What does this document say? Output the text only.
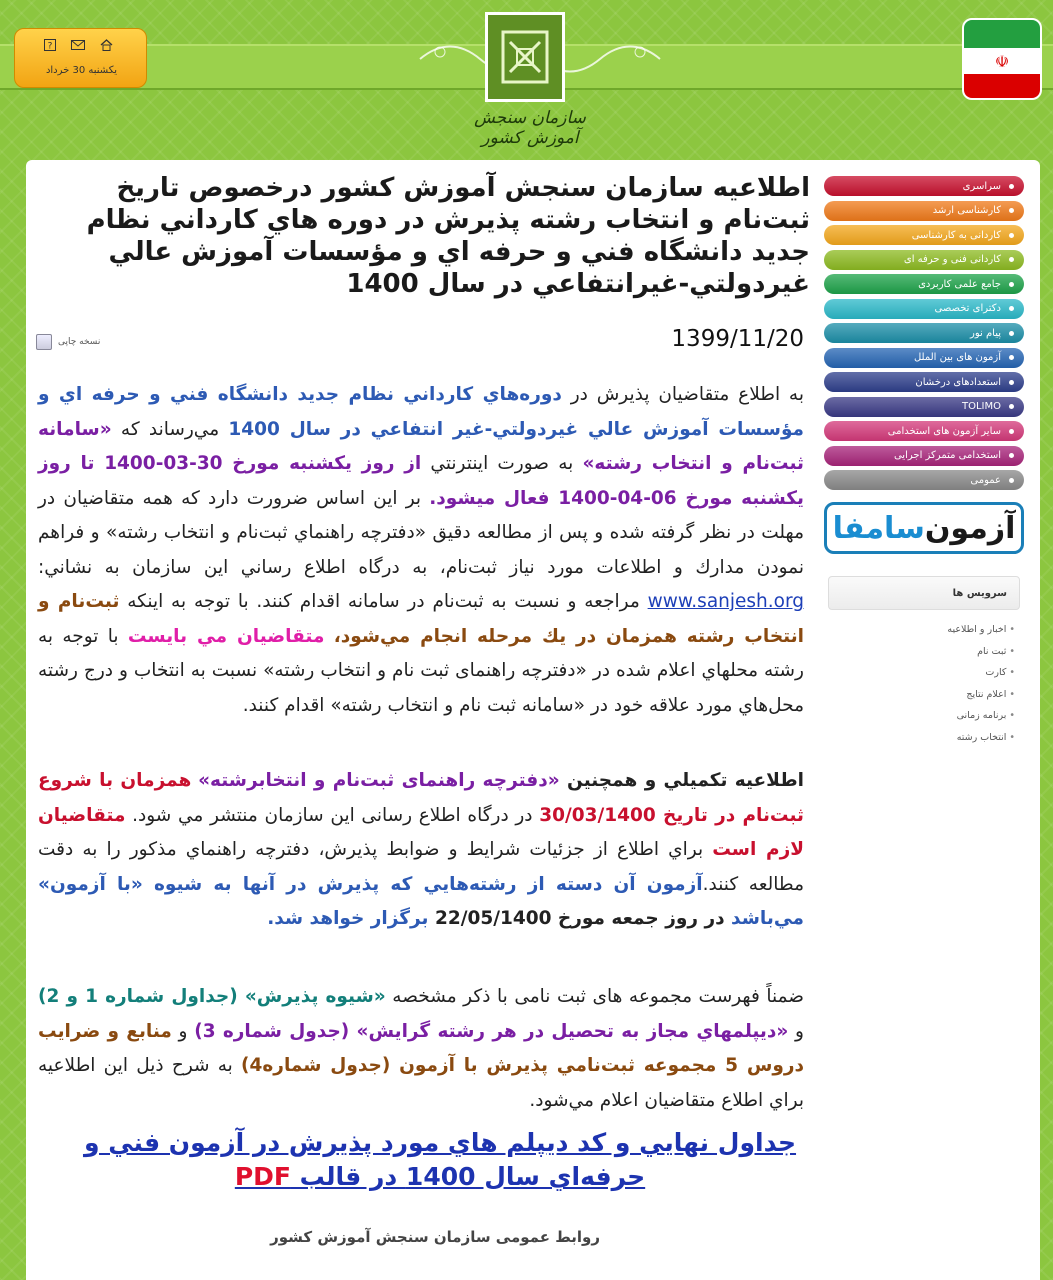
?
یکشنبه 30 خرداد
سازمان سنجش آموزش کشور
☫
سراسری
کارشناسی ارشد
کاردانی به کارشناسی
کاردانی فنی و حرفه ای
جامع علمی کاربردی
دکترای تخصصی
پیام نور
آزمون های بین الملل
استعدادهای درخشان
TOLIMO
سایر آزمون های استخدامی
استخدامی متمرکز اجرایی
عمومی
آزمون
سامفا
سرویس ها
• اخبار و اطلاعیه
• ثبت نام
• کارت
• اعلام نتایج
• برنامه زمانی
• انتخاب رشته
اطلاعيه سازمان سنجش آموزش كشور درخصوص تاريخ ثبت‌نام و انتخاب رشته پذيرش در دوره هاي كارداني نظام جديد دانشگاه فني و حرفه اي و مؤسسات آموزش عالي غيردولتي-غيرانتفاعي در سال 1400
1399/11/20
نسخه چاپی
به اطلاع متقاضيان پذيرش در دوره‌هاي كارداني نظام جديد دانشگاه فني و حرفه اي و مؤسسات آموزش عالي غيردولتي-غير انتفاعي در سال 1400 مي‌رساند كه «سامانه ثبت‌نام و انتخاب رشته» به صورت اينترنتي از روز يكشنبه مورخ 30-03-1400 تا روز يكشنبه مورخ 06-04-1400 فعال ميشود. بر اين اساس ضرورت دارد كه همه متقاضيان در مهلت در نظر گرفته شده و پس از مطالعه دقيق «دفترچه راهنماي ثبت‌نام و انتخاب رشته» و فراهم نمودن مدارك و اطلاعات مورد نياز ثبت‌نام، به درگاه اطلاع رساني اين سازمان به نشاني: www.sanjesh.org مراجعه و نسبت به ثبت‌نام در سامانه اقدام كنند. با توجه به اينكه ثبت‌نام و انتخاب رشته همزمان در يك مرحله انجام مي‌شود، متقاضيان مي بايست با توجه به رشته محلهاي اعلام شده در «دفترچه راهنمای ثبت نام و انتخاب رشته» نسبت به انتخاب و درج رشته محل‌هاي مورد علاقه خود در «سامانه ثبت نام و انتخاب رشته» اقدام كنند.
اطلاعيه تكميلي و همچنين «دفترچه راهنمای ثبت‌نام و انتخابرشته» همزمان با شروع ثبت‌نام در تاريخ 30/03/1400 در درگاه اطلاع رسانی اين سازمان منتشر مي شود. متقاضيان لازم است براي اطلاع از جزئيات شرايط و ضوابط پذيرش، دفترچه راهنماي مذكور را به دقت مطالعه كنند.آزمون آن دسته از رشته‌هايي كه پذيرش در آنها به شيوه «با آزمون» مي‌باشد در روز جمعه مورخ 22/05/1400 برگزار خواهد شد.
ضمناً فهرست مجموعه های ثبت نامی با ذكر مشخصه «شيوه پذيرش» (جداول شماره 1 و 2) و «ديپلمهاي مجاز به تحصيل در هر رشته گرايش» (جدول شماره 3) و منابع و ضرايب دروس 5 مجموعه ثبت‌نامي پذيرش با آزمون (جدول شماره4) به شرح ذيل اين اطلاعيه براي اطلاع متقاضيان اعلام مي‌شود.
جداول نهايي و كد ديپلم هاي مورد پذيرش در آزمون فني و
حرفه‌اي سال 1400 در قالب PDF
روابط عمومی سازمان سنجش آموزش کشور
